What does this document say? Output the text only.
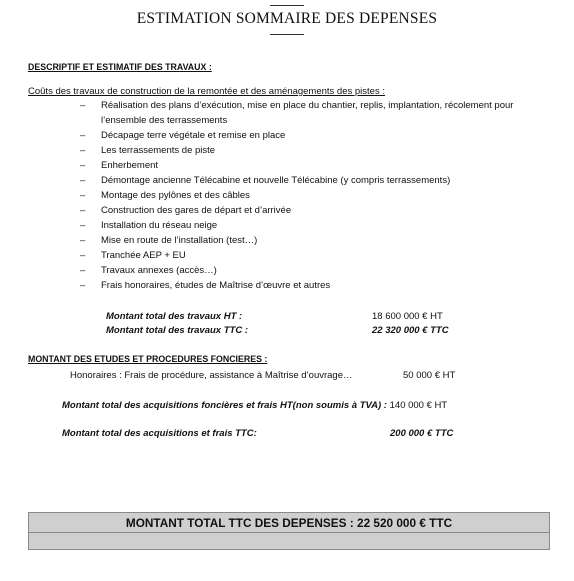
ESTIMATION SOMMAIRE DES DEPENSES
DESCRIPTIF ET ESTIMATIF DES TRAVAUX :
Coûts des travaux de construction de la remontée et des aménagements des pistes :
–	Réalisation des plans d’exécution, mise en place du chantier, replis, implantation, récolement pour l’ensemble des terrassements
– Décapage terre végétale et remise en place
– Les terrassements de piste
– Enherbement
– Démontage ancienne Télécabine et nouvelle Télécabine (y compris terrassements)
– Montage des pylônes et des câbles
– Construction des gares de départ et d’arrivée
– Installation du réseau neige
– Mise en route de l’installation (test…)
– Tranchée AEP + EU
– Travaux annexes (accès…)
– Frais honoraires, études de Maîtrise d’œuvre et autres
Montant total des travaux HT :	18 600 000 € HT
Montant total des travaux TTC :	22 320 000 € TTC
MONTANT DES ETUDES ET PROCEDURES FONCIERES :
Honoraires : Frais de procédure, assistance à Maîtrise d’ouvrage…	50 000 € HT
Montant total des acquisitions foncières et frais HT(non soumis à TVA) : 140 000 € HT
Montant total des acquisitions et frais TTC:	200 000 € TTC
MONTANT TOTAL TTC DES DEPENSES : 22 520 000 € TTC
